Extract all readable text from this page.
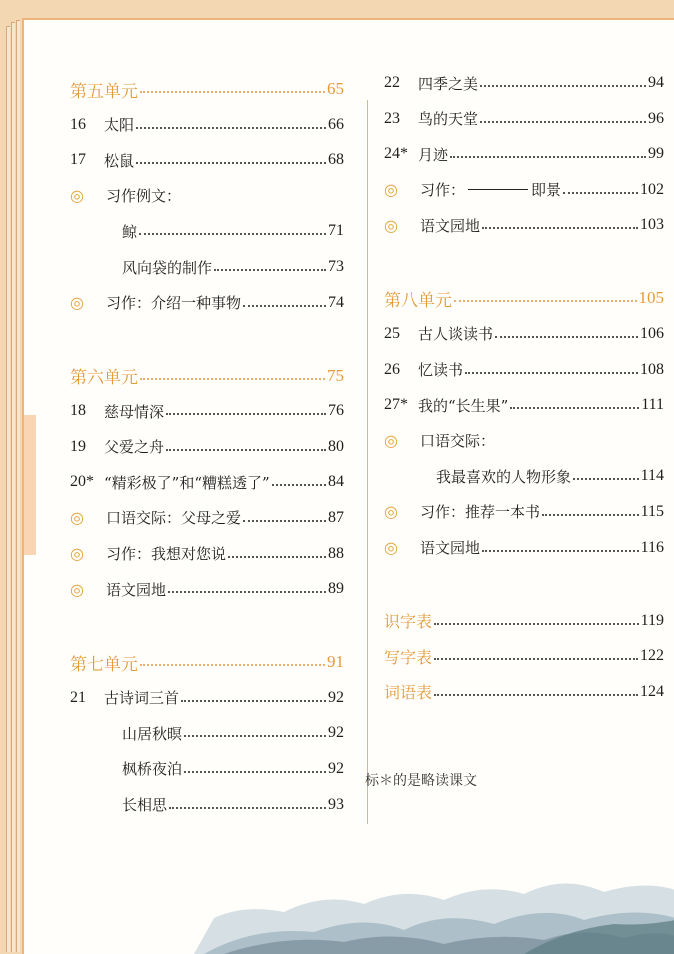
第五单元	65
16	太阳	66
17	松鼠	68
◎	习作例文：
鲸	71
风向袋的制作	73
◎	习作：介绍一种事物	74
第六单元	75
18	慈母情深	76
19	父爱之舟	80
20* “精彩极了”和“糟糕透了”	84
◎	口语交际：父母之爱	87
◎	习作：我想对您说	88
◎	语文园地	89
第七单元	91
21	古诗词三首	92
山居秋暝	92
枫桥夜泊	92
长相思	93
22	四季之美	94
23	鸟的天堂	96
24* 月迹	99
◎	习作：	即景	102
◎	语文园地	103
第八单元	105
25	古人谈读书	106
26	忆读书	108
27* 我的“长生果”	111
◎	口语交际：
我最喜欢的人物形象	114
◎	习作：推荐一本书	115
◎	语文园地	116
识字表	119
写字表	122
词语表	124
标＊的是略读课文
